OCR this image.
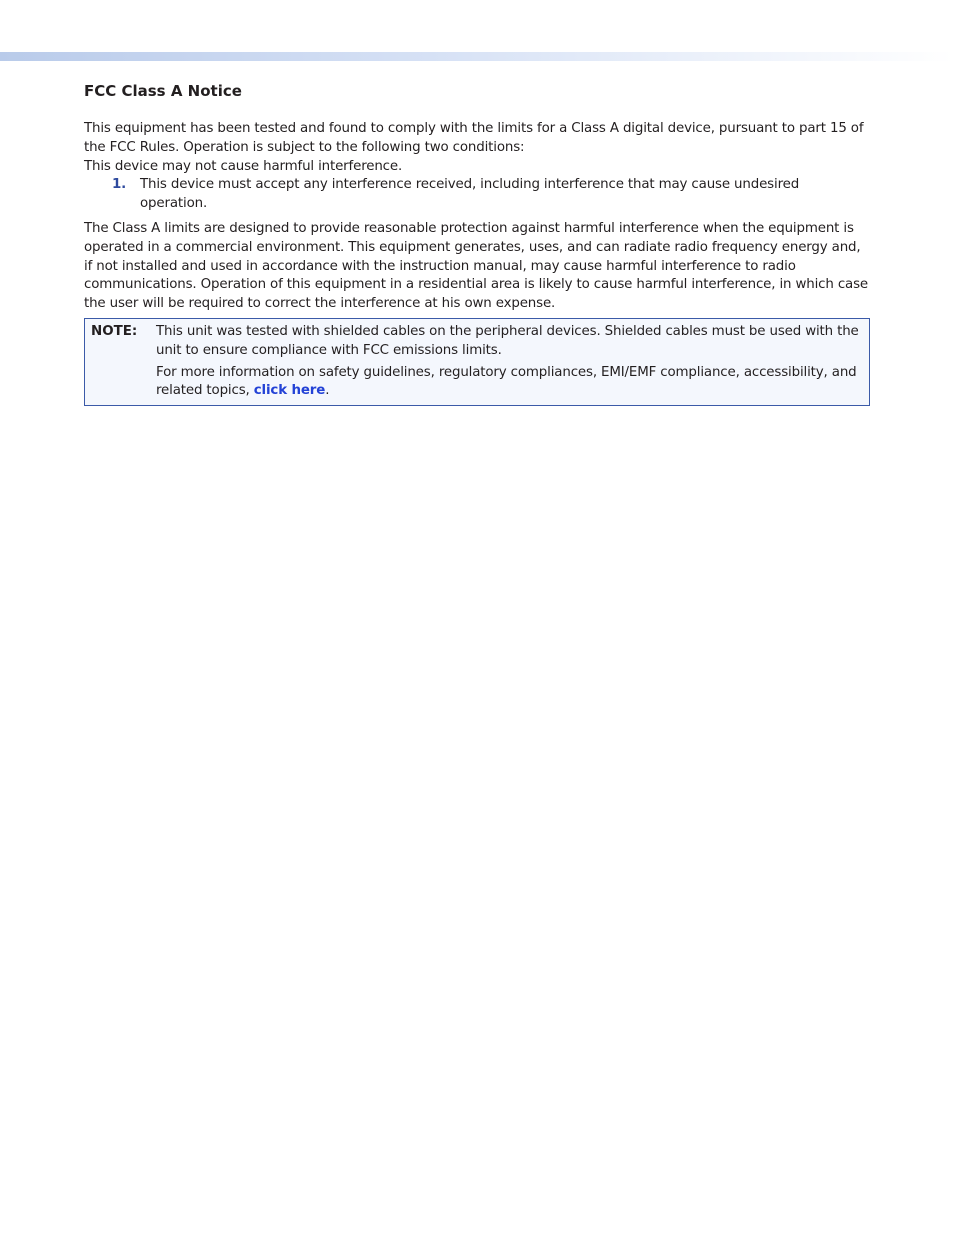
FCC Class A Notice

This equipment has been tested and found to comply with the limits for a Class A digital device, pursuant to part 15 of the FCC Rules. Operation is subject to the following two conditions:

This device may not cause harmful interference.

1.	This device must accept any interference received, including interference that may cause undesired operation.

The Class A limits are designed to provide reasonable protection against harmful interference when the equipment is operated in a commercial environment. This equipment generates, uses, and can radiate radio frequency energy and, if not installed and used in accordance with the instruction manual, may cause harmful interference to radio communications. Operation of this equipment in a residential area is likely to cause harmful interference, in which case the user will be required to correct the interference at his own expense.

NOTE:	This unit was tested with shielded cables on the peripheral devices. Shielded cables must be used with the unit to ensure compliance with FCC emissions limits.

For more information on safety guidelines, regulatory compliances, EMI/EMF compliance, accessibility, and related topics, click here.
